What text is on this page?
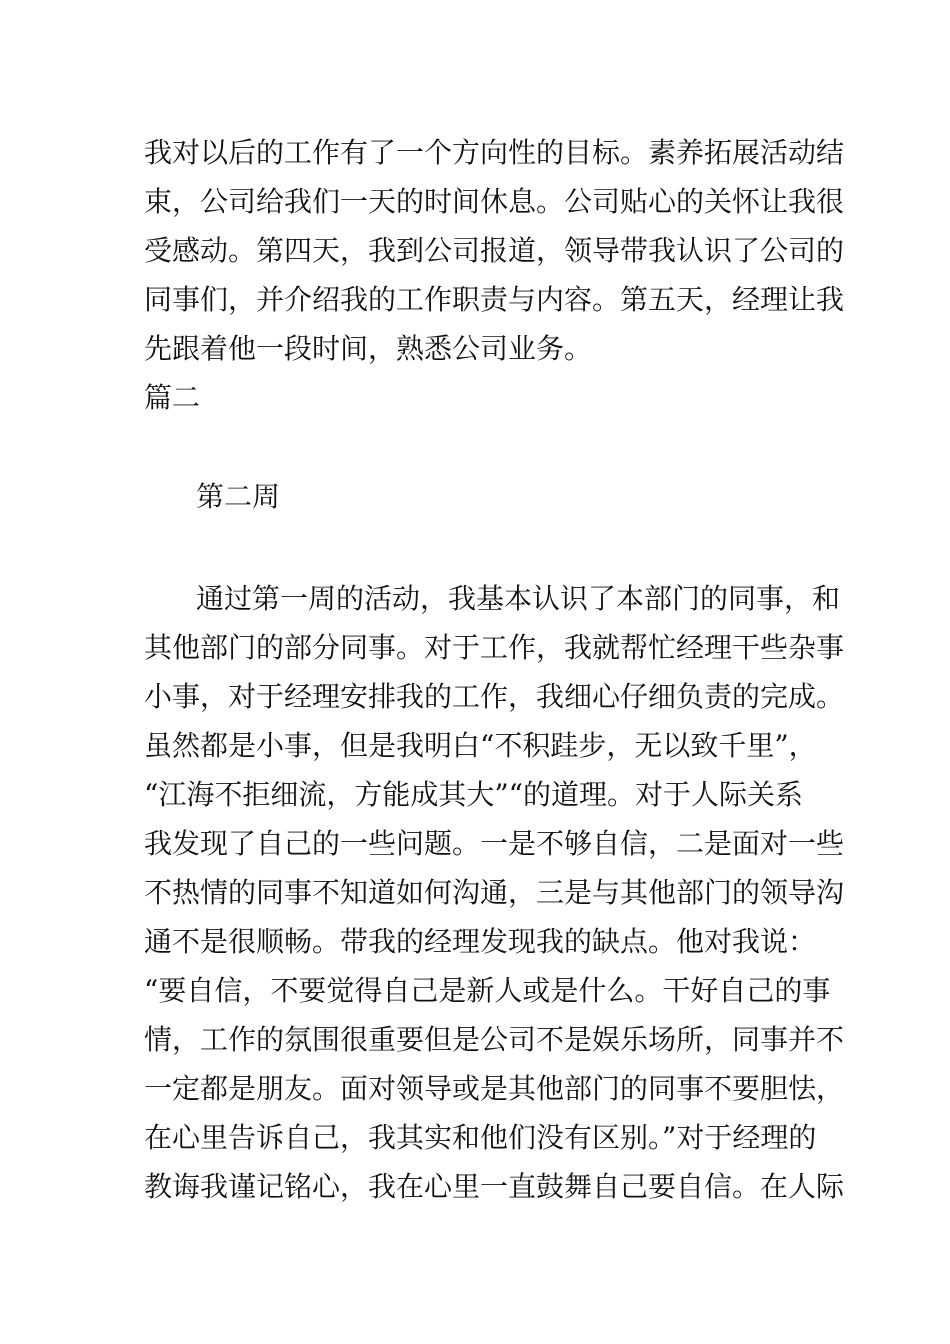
我对以后的工作有了一个方向性的目标。素养拓展活动结
束，公司给我们一天的时间休息。公司贴心的关怀让我很
受感动。第四天，我到公司报道，领导带我认识了公司的
同事们，并介绍我的工作职责与内容。第五天，经理让我
先跟着他一段时间，熟悉公司业务。
篇二
第二周
通过第一周的活动，我基本认识了本部门的同事，和
其他部门的部分同事。对于工作，我就帮忙经理干些杂事
小事，对于经理安排我的工作，我细心仔细负责的完成。
虽然都是小事，但是我明白“不积跬步，无以致千里”，
“江海不拒细流，方能成其大”“的道理。对于人际关系
我发现了自己的一些问题。一是不够自信，二是面对一些
不热情的同事不知道如何沟通，三是与其他部门的领导沟
通不是很顺畅。带我的经理发现我的缺点。他对我说：
“要自信，不要觉得自己是新人或是什么。干好自己的事
情，工作的氛围很重要但是公司不是娱乐场所，同事并不
一定都是朋友。面对领导或是其他部门的同事不要胆怯，
在心里告诉自己，我其实和他们没有区别。”对于经理的
教诲我谨记铭心，我在心里一直鼓舞自己要自信。在人际
